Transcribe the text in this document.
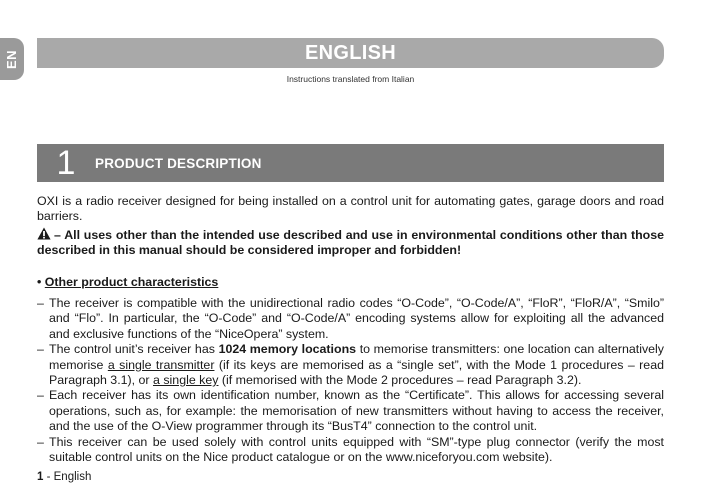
EN	ENGLISH
Instructions translated from Italian
1	PRODUCT DESCRIPTION

OXI is a radio receiver designed for being installed on a control unit for automating gates, garage doors and road barriers.

– All uses other than the intended use described and use in environmental conditions other than those described in this manual should be considered improper and forbidden!

• Other product characteristics

– The receiver is compatible with the unidirectional radio codes “O-Code”, “O-Code/A”, “FloR”, “FloR/A”, “Smilo” and “Flo”. In particular, the “O-Code” and “O-Code/A” encoding systems allow for exploiting all the advanced and exclusive functions of the “NiceOpera” system.
– The control unit’s receiver has 1024 memory locations to memorise transmitters: one location can alternatively memorise a single transmitter (if its keys are memorised as a “single set”, with the Mode 1 procedures – read Paragraph 3.1), or a single key (if memorised with the Mode 2 procedures – read Paragraph 3.2).
– Each receiver has its own identification number, known as the “Certificate”. This allows for accessing several operations, such as, for example: the memorisation of new transmitters without having to access the receiver, and the use of the O-View programmer through its “BusT4” connection to the control unit.
– This receiver can be used solely with control units equipped with “SM”-type plug connector (verify the most suitable control units on the Nice product catalogue or on the www.niceforyou.com website).
1 - English
